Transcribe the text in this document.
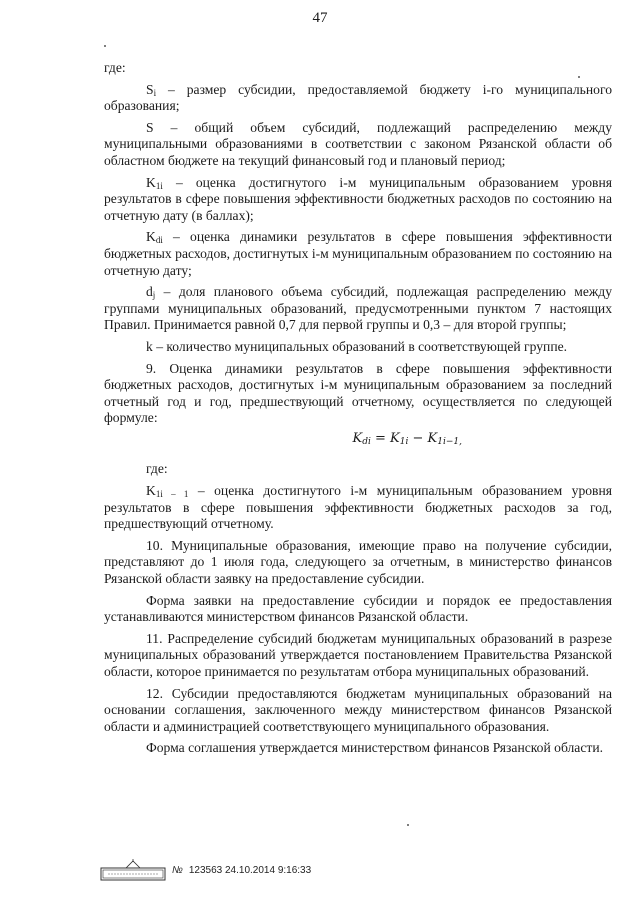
47

где:

$S_i$ – размер субсидии, предоставляемой бюджету i-го муниципального образования;

S – общий объем субсидий, подлежащий распределению между муниципальными образованиями в соответствии с законом Рязанской области об областном бюджете на текущий финансовый год и плановый период;

$K_{1i}$ – оценка достигнутого i-м муниципальным образованием уровня результатов в сфере повышения эффективности бюджетных расходов по состоянию на отчетную дату (в баллах);

$K_{di}$ – оценка динамики результатов в сфере повышения эффективности бюджетных расходов, достигнутых i-м муниципальным образованием по состоянию на отчетную дату;

$d_j$ – доля планового объема субсидий, подлежащая распределению между группами муниципальных образований, предусмотренными пунктом 7 настоящих Правил. Принимается равной 0,7 для первой группы и 0,3 – для второй группы;

k – количество муниципальных образований в соответствующей группе.

9. Оценка динамики результатов в сфере повышения эффективности бюджетных расходов, достигнутых i-м муниципальным образованием за последний отчетный год и год, предшествующий отчетному, осуществляется по следующей формуле:

$K_{di} = K_{1i} - K_{1i-1,}$

где:

$K_{1i - 1}$ – оценка достигнутого i-м муниципальным образованием уровня результатов в сфере повышения эффективности бюджетных расходов за год, предшествующий отчетному.

10. Муниципальные образования, имеющие право на получение субсидии, представляют до 1 июля года, следующего за отчетным, в министерство финансов Рязанской области заявку на предоставление субсидии.

Форма заявки на предоставление субсидии и порядок ее предоставления устанавливаются министерством финансов Рязанской области.

11. Распределение субсидий бюджетам муниципальных образований в разрезе муниципальных образований утверждается постановлением Правительства Рязанской области, которое принимается по результатам отбора муниципальных образований.

12. Субсидии предоставляются бюджетам муниципальных образований на основании соглашения, заключенного между министерством финансов Рязанской области и администрацией соответствующего муниципального образования.

Форма соглашения утверждается министерством финансов Рязанской области.

№ 123563 24.10.2014 9:16:33
